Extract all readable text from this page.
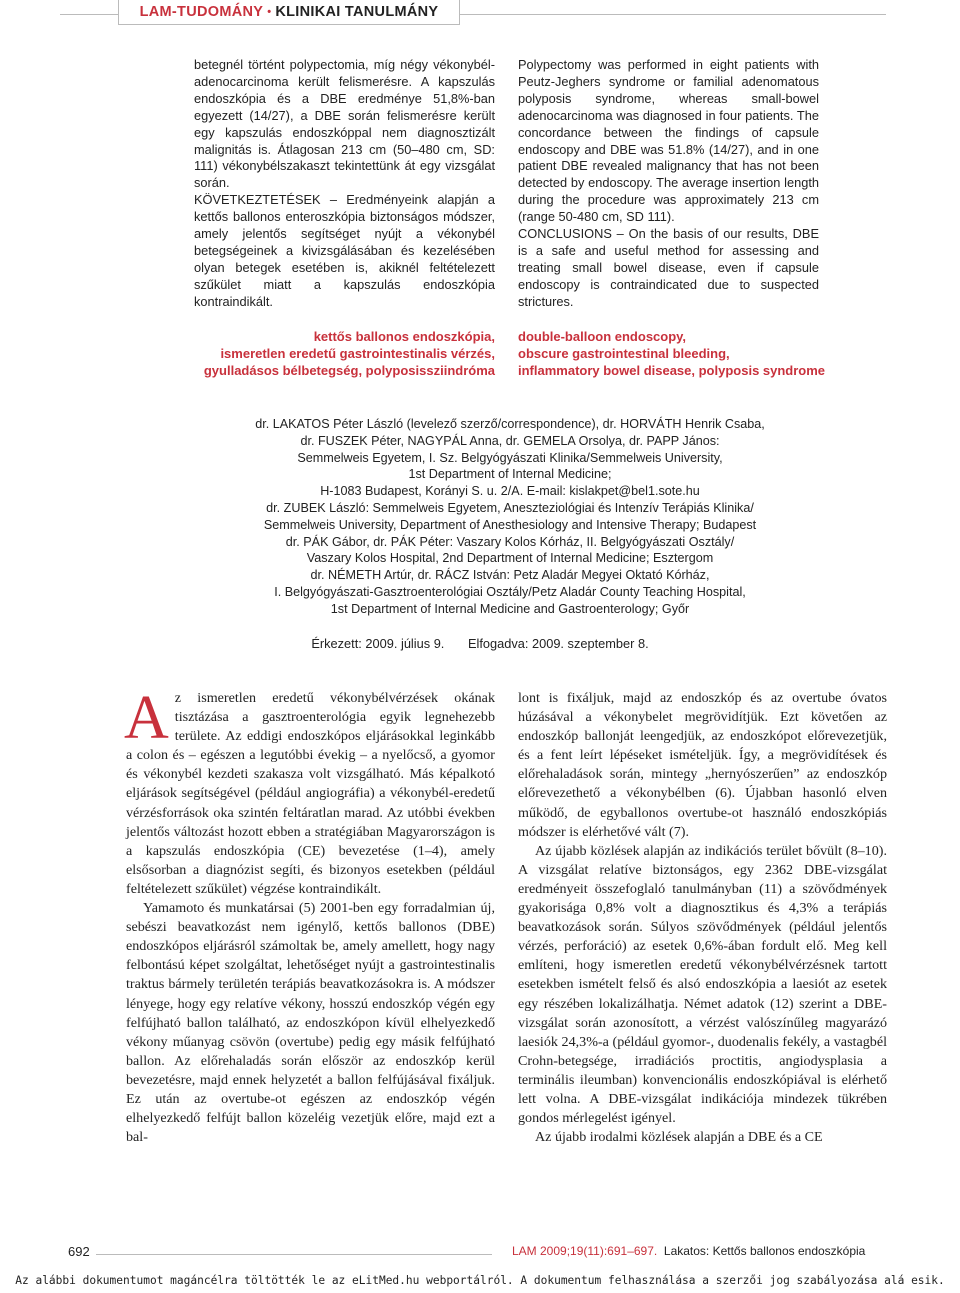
LAM-TUDOMÁNY • KLINIKAI TANULMÁNY

betegnél történt polypectomia, míg négy vékonybél-adenocarcinoma került felismerésre. A kapszulás endoszkópia és a DBE eredménye 51,8%-ban egyezett (14/27), a DBE során felismerésre került egy kapszulás endoszkóppal nem diagnosztizált malignitás is. Átlagosan 213 cm (50–480 cm, SD: 111) vékonybélszakaszt tekintettünk át egy vizsgálat során.

KÖVETKEZTETÉSEK – Eredményeink alapján a kettős ballonos enteroszkópia biztonságos módszer, amely jelentős segítséget nyújt a vékonybél betegségeinek a kivizsgálásában és kezelésében olyan betegek esetében is, akiknél feltételezett szűkület miatt a kapszulás endoszkópia kontraindikált.

Polypectomy was performed in eight patients with Peutz-Jeghers syndrome or familial adenomatous polyposis syndrome, whereas small-bowel adenocarcinoma was diagnosed in four patients. The concordance between the findings of capsule endoscopy and DBE was 51.8% (14/27), and in one patient DBE revealed malignancy that has not been detected by endoscopy. The average insertion length during the procedure was approximately 213 cm (range 50-480 cm, SD 111).

CONCLUSIONS – On the basis of our results, DBE is a safe and useful method for assessing and treating small bowel disease, even if capsule endoscopy is contraindicated due to suspected strictures.

kettős ballonos endoszkópia,
ismeretlen eredetű gastrointestinalis vérzés,
gyulladásos bélbetegség, polyposissziindróma
double-balloon endoscopy,
obscure gastrointestinal bleeding,
inflammatory bowel disease, polyposis syndrome
dr. LAKATOS Péter László (levelező szerző/correspondence), dr. HORVÁTH Henrik Csaba,
dr. FUSZEK Péter, NAGYPÁL Anna, dr. GEMELA Orsolya, dr. PAPP János:
Semmelweis Egyetem, I. Sz. Belgyógyászati Klinika/Semmelweis University,
1st Department of Internal Medicine;
H-1083 Budapest, Korányi S. u. 2/A. E-mail: kislakpet@bel1.sote.hu
dr. ZUBEK László: Semmelweis Egyetem, Aneszteziológiai és Intenzív Terápiás Klinika/
Semmelweis University, Department of Anesthesiology and Intensive Therapy; Budapest
dr. PÁK Gábor, dr. PÁK Péter: Vaszary Kolos Kórház, II. Belgyógyászati Osztály/
Vaszary Kolos Hospital, 2nd Department of Internal Medicine; Esztergom
dr. NÉMETH Artúr, dr. RÁCZ István: Petz Aladár Megyei Oktató Kórház,
I. Belgyógyászati-Gasztroenterológiai Osztály/Petz Aladár County Teaching Hospital,
1st Department of Internal Medicine and Gastroenterology; Győr
Érkezett: 2009. július 9. Elfogadva: 2009. szeptember 8.

Az ismeretlen eredetű vékonybélvérzések okának tisztázása a gasztroenterológia egyik legnehezebb területe. Az eddigi endoszkópos eljárásokkal leginkább a colon és – egészen a legutóbbi évekig – a nyelőcső, a gyomor és vékonybél kezdeti szakasza volt vizsgálható. Más képalkotó eljárások segítségével (például angiográfia) a vékonybél-eredetű vérzésforrások oka szintén feltáratlan marad. Az utóbbi években jelentős változást hozott ebben a stratégiában Magyarországon is a kapszulás endoszkópia (CE) bevezetése (1–4), amely elsősorban a diagnózist segíti, és bizonyos esetekben (például feltételezett szűkület) végzése kontraindikált.

Yamamoto és munkatársai (5) 2001-ben egy forradalmian új, sebészi beavatkozást nem igénylő, kettős ballonos (DBE) endoszkópos eljárásról számoltak be, amely amellett, hogy nagy felbontású képet szolgáltat, lehetőséget nyújt a gastrointestinalis traktus bármely területén terápiás beavatkozásokra is. A módszer lényege, hogy egy relatíve vékony, hosszú endoszkóp végén egy felfújható ballon található, az endoszkópon kívül elhelyezkedő vékony műanyag csövön (overtube) pedig egy másik felfújható ballon. Az előrehaladás során először az endoszkóp kerül bevezetésre, majd ennek helyzetét a ballon felfújásával fixáljuk. Ez után az overtube-ot egészen az endoszkóp végén elhelyezkedő felfújt ballon közeléig vezetjük előre, majd ezt a bal-

lont is fixáljuk, majd az endoszkóp és az overtube óvatos húzásával a vékonybelet megrövidítjük. Ezt követően az endoszkóp ballonját leengedjük, az endoszkópot előrevezetjük, és a fent leírt lépéseket ismételjük. Így, a megrövidítések és előrehaladások során, mintegy „hernyószerűen” az endoszkóp előrevezethető a vékonybélben (6). Újabban hasonló elven működő, de egyballonos overtube-ot használó endoszkópiás módszer is elérhetővé vált (7).

Az újabb közlések alapján az indikációs terület bővült (8–10). A vizsgálat relatíve biztonságos, egy 2362 DBE-vizsgálat eredményeit összefoglaló tanulmányban (11) a szövődmények gyakorisága 0,8% volt a diagnosztikus és 4,3% a terápiás beavatkozások során. Súlyos szövődmények (például jelentős vérzés, perforáció) az esetek 0,6%-ában fordult elő. Meg kell említeni, hogy ismeretlen eredetű vékonybélvérzésnek tartott esetekben ismételt felső és alsó endoszkópia a laesiót az esetek egy részében lokalizálhatja. Német adatok (12) szerint a DBE-vizsgálat során azonosított, a vérzést valószínűleg magyarázó laesiók 24,3%-a (például gyomor-, duodenalis fekély, a vastagbél Crohn-betegsége, irradiációs proctitis, angiodysplasia a terminális ileumban) konvencionális endoszkópiával is elérhető lett volna. A DBE-vizsgálat indikációja mindezek tükrében gondos mérlegelést igényel.

Az újabb irodalmi közlések alapján a DBE és a CE

692	LAM 2009;19(11):691–697. Lakatos: Kettős ballonos endoszkópia
Az alábbi dokumentumot magáncélra töltötték le az eLitMed.hu webportálról. A dokumentum felhasználása a szerzői jog szabályozása alá esik.
